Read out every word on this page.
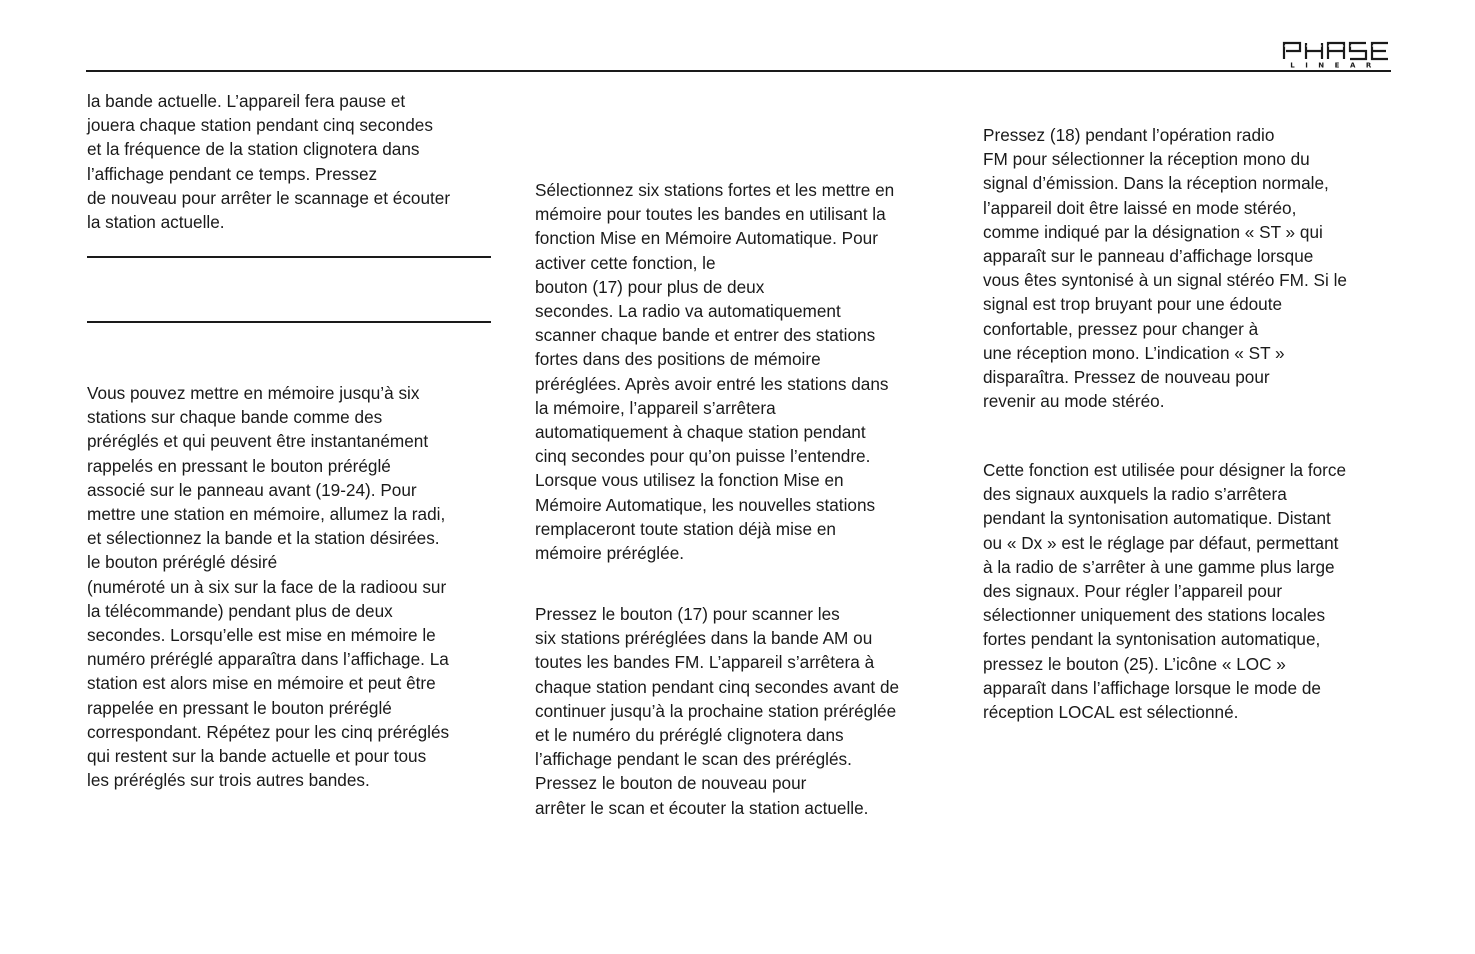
LINEAR

la bande actuelle. L’appareil fera pause et
jouera chaque station pendant cinq secondes
et la fréquence de la station clignotera dans
l’affichage pendant ce temps. Pressez
de nouveau pour arrêter le scannage et écouter
la station actuelle.

Vous pouvez mettre en mémoire jusqu’à six
stations sur chaque bande comme des
préréglés et qui peuvent être instantanément
rappelés en pressant le bouton préréglé
associé sur le panneau avant (19-24). Pour
mettre une station en mémoire, allumez la radi,
et sélectionnez la bande et la station désirées.
le bouton préréglé désiré
(numéroté un à six sur la face de la radioou sur
la télécommande) pendant plus de deux
secondes. Lorsqu’elle est mise en mémoire le
numéro préréglé apparaîtra dans l’affichage. La
station est alors mise en mémoire et peut être
rappelée en pressant le bouton préréglé
correspondant. Répétez pour les cinq préréglés
qui restent sur la bande actuelle et pour tous
les préréglés sur trois autres bandes.

Sélectionnez six stations fortes et les mettre en
mémoire pour toutes les bandes en utilisant la
fonction Mise en Mémoire Automatique. Pour
activer cette fonction, le
bouton (17) pour plus de deux
secondes. La radio va automatiquement
scanner chaque bande et entrer des stations
fortes dans des positions de mémoire
préréglées. Après avoir entré les stations dans
la mémoire, l’appareil s’arrêtera
automatiquement à chaque station pendant
cinq secondes pour qu’on puisse l’entendre.
Lorsque vous utilisez la fonction Mise en
Mémoire Automatique, les nouvelles stations
remplaceront toute station déjà mise en
mémoire préréglée.

Pressez le bouton (17) pour scanner les
six stations préréglées dans la bande AM ou
toutes les bandes FM. L’appareil s’arrêtera à
chaque station pendant cinq secondes avant de
continuer jusqu’à la prochaine station préréglée
et le numéro du préréglé clignotera dans
l’affichage pendant le scan des préréglés.
Pressez le bouton de nouveau pour
arrêter le scan et écouter la station actuelle.

Pressez (18) pendant l’opération radio
FM pour sélectionner la réception mono du
signal d’émission. Dans la réception normale,
l’appareil doit être laissé en mode stéréo,
comme indiqué par la désignation « ST » qui
apparaît sur le panneau d’affichage lorsque
vous êtes syntonisé à un signal stéréo FM. Si le
signal est trop bruyant pour une édoute
confortable, pressez pour changer à
une réception mono. L’indication « ST »
disparaîtra. Pressez de nouveau pour
revenir au mode stéréo.

Cette fonction est utilisée pour désigner la force
des signaux auxquels la radio s’arrêtera
pendant la syntonisation automatique. Distant
ou « Dx » est le réglage par défaut, permettant
à la radio de s’arrêter à une gamme plus large
des signaux. Pour régler l’appareil pour
sélectionner uniquement des stations locales
fortes pendant la syntonisation automatique,
pressez le bouton (25). L’icône « LOC »
apparaît dans l’affichage lorsque le mode de
réception LOCAL est sélectionné.
